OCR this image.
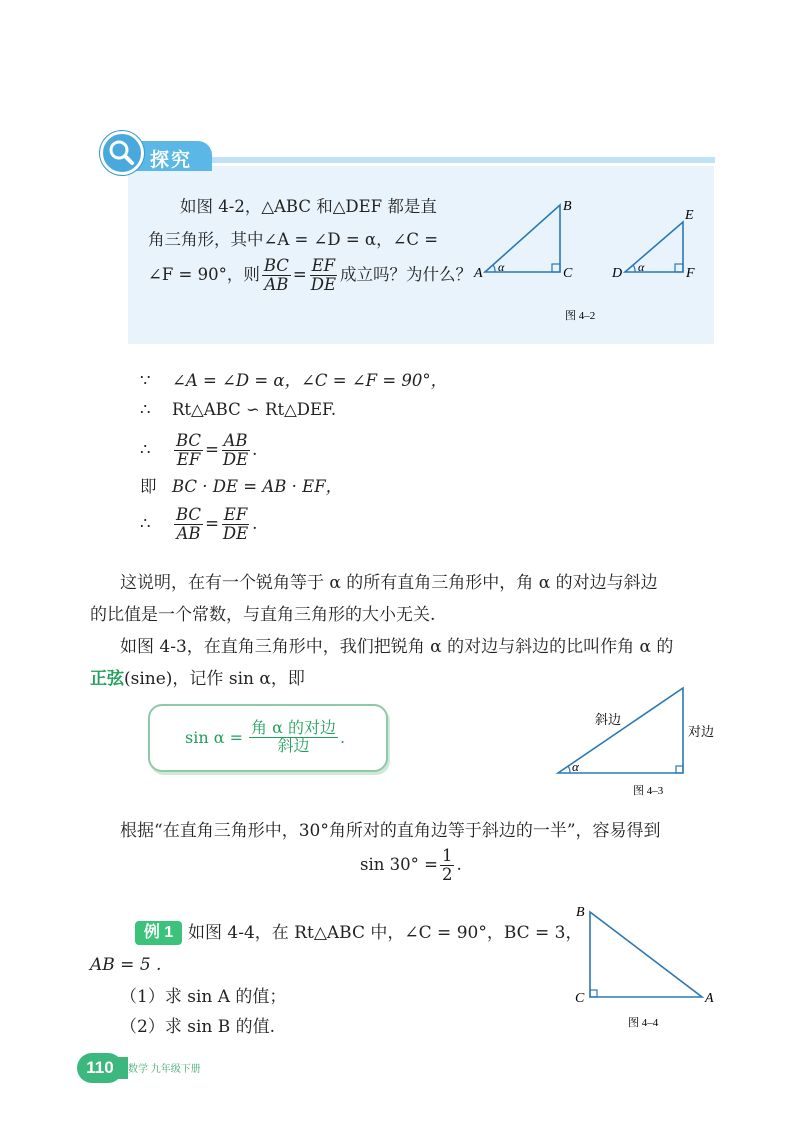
探究
如图 4-2，△ABC 和△DEF 都是直
角三角形，其中∠A = ∠D = α，∠C =
∠F = 90°，则 $\frac{BC}{AB} = \frac{EF}{DE}$ 成立吗？为什么？ A
B
C
α	D
E
F
α
图 4–2
∵ ∠A = ∠D = α，∠C = ∠F = 90°，
∴ Rt△ABC ∽ Rt△DEF.
∴	$\frac{BC}{EF} = \frac{AB}{DE}$ .
即 BC · DE = AB · EF，
∴	$\frac{BC}{AB} = \frac{EF}{DE}$ .
这说明，在有一个锐角等于 α 的所有直角三角形中，角 α 的对边与斜边
的比值是一个常数，与直角三角形的大小无关.
如图 4-3，在直角三角形中，我们把锐角 α 的对边与斜边的比叫作角 α 的
正弦(sine)，记作 sin α，即
$\sin \alpha = \frac{\text{角 α 的对边}}{\text{斜边}}$ .
斜边
对边
α
图 4–3
根据“在直角三角形中，30°角所对的直角边等于斜边的一半”，容易得到
$\sin 30^\circ = \frac{1}{2}$ .
例 1 如图 4-4，在 Rt△ABC 中，∠C = 90°，BC = 3，
AB = 5 .
（1）求 sin A 的值；
（2）求 sin B 的值.
B
C	A
图 4–4
110	数学 九年级下册
